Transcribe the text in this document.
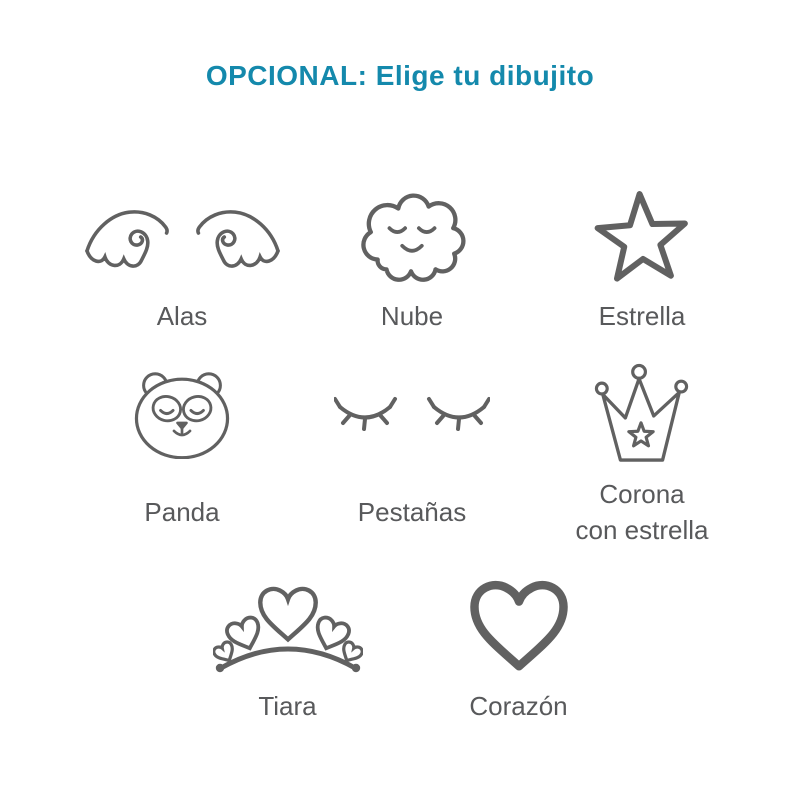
OPCIONAL: Elige tu dibujito
Alas	Nube	Estrella
Panda	Pestañas
Corona
con estrella
Tiara	Corazón
